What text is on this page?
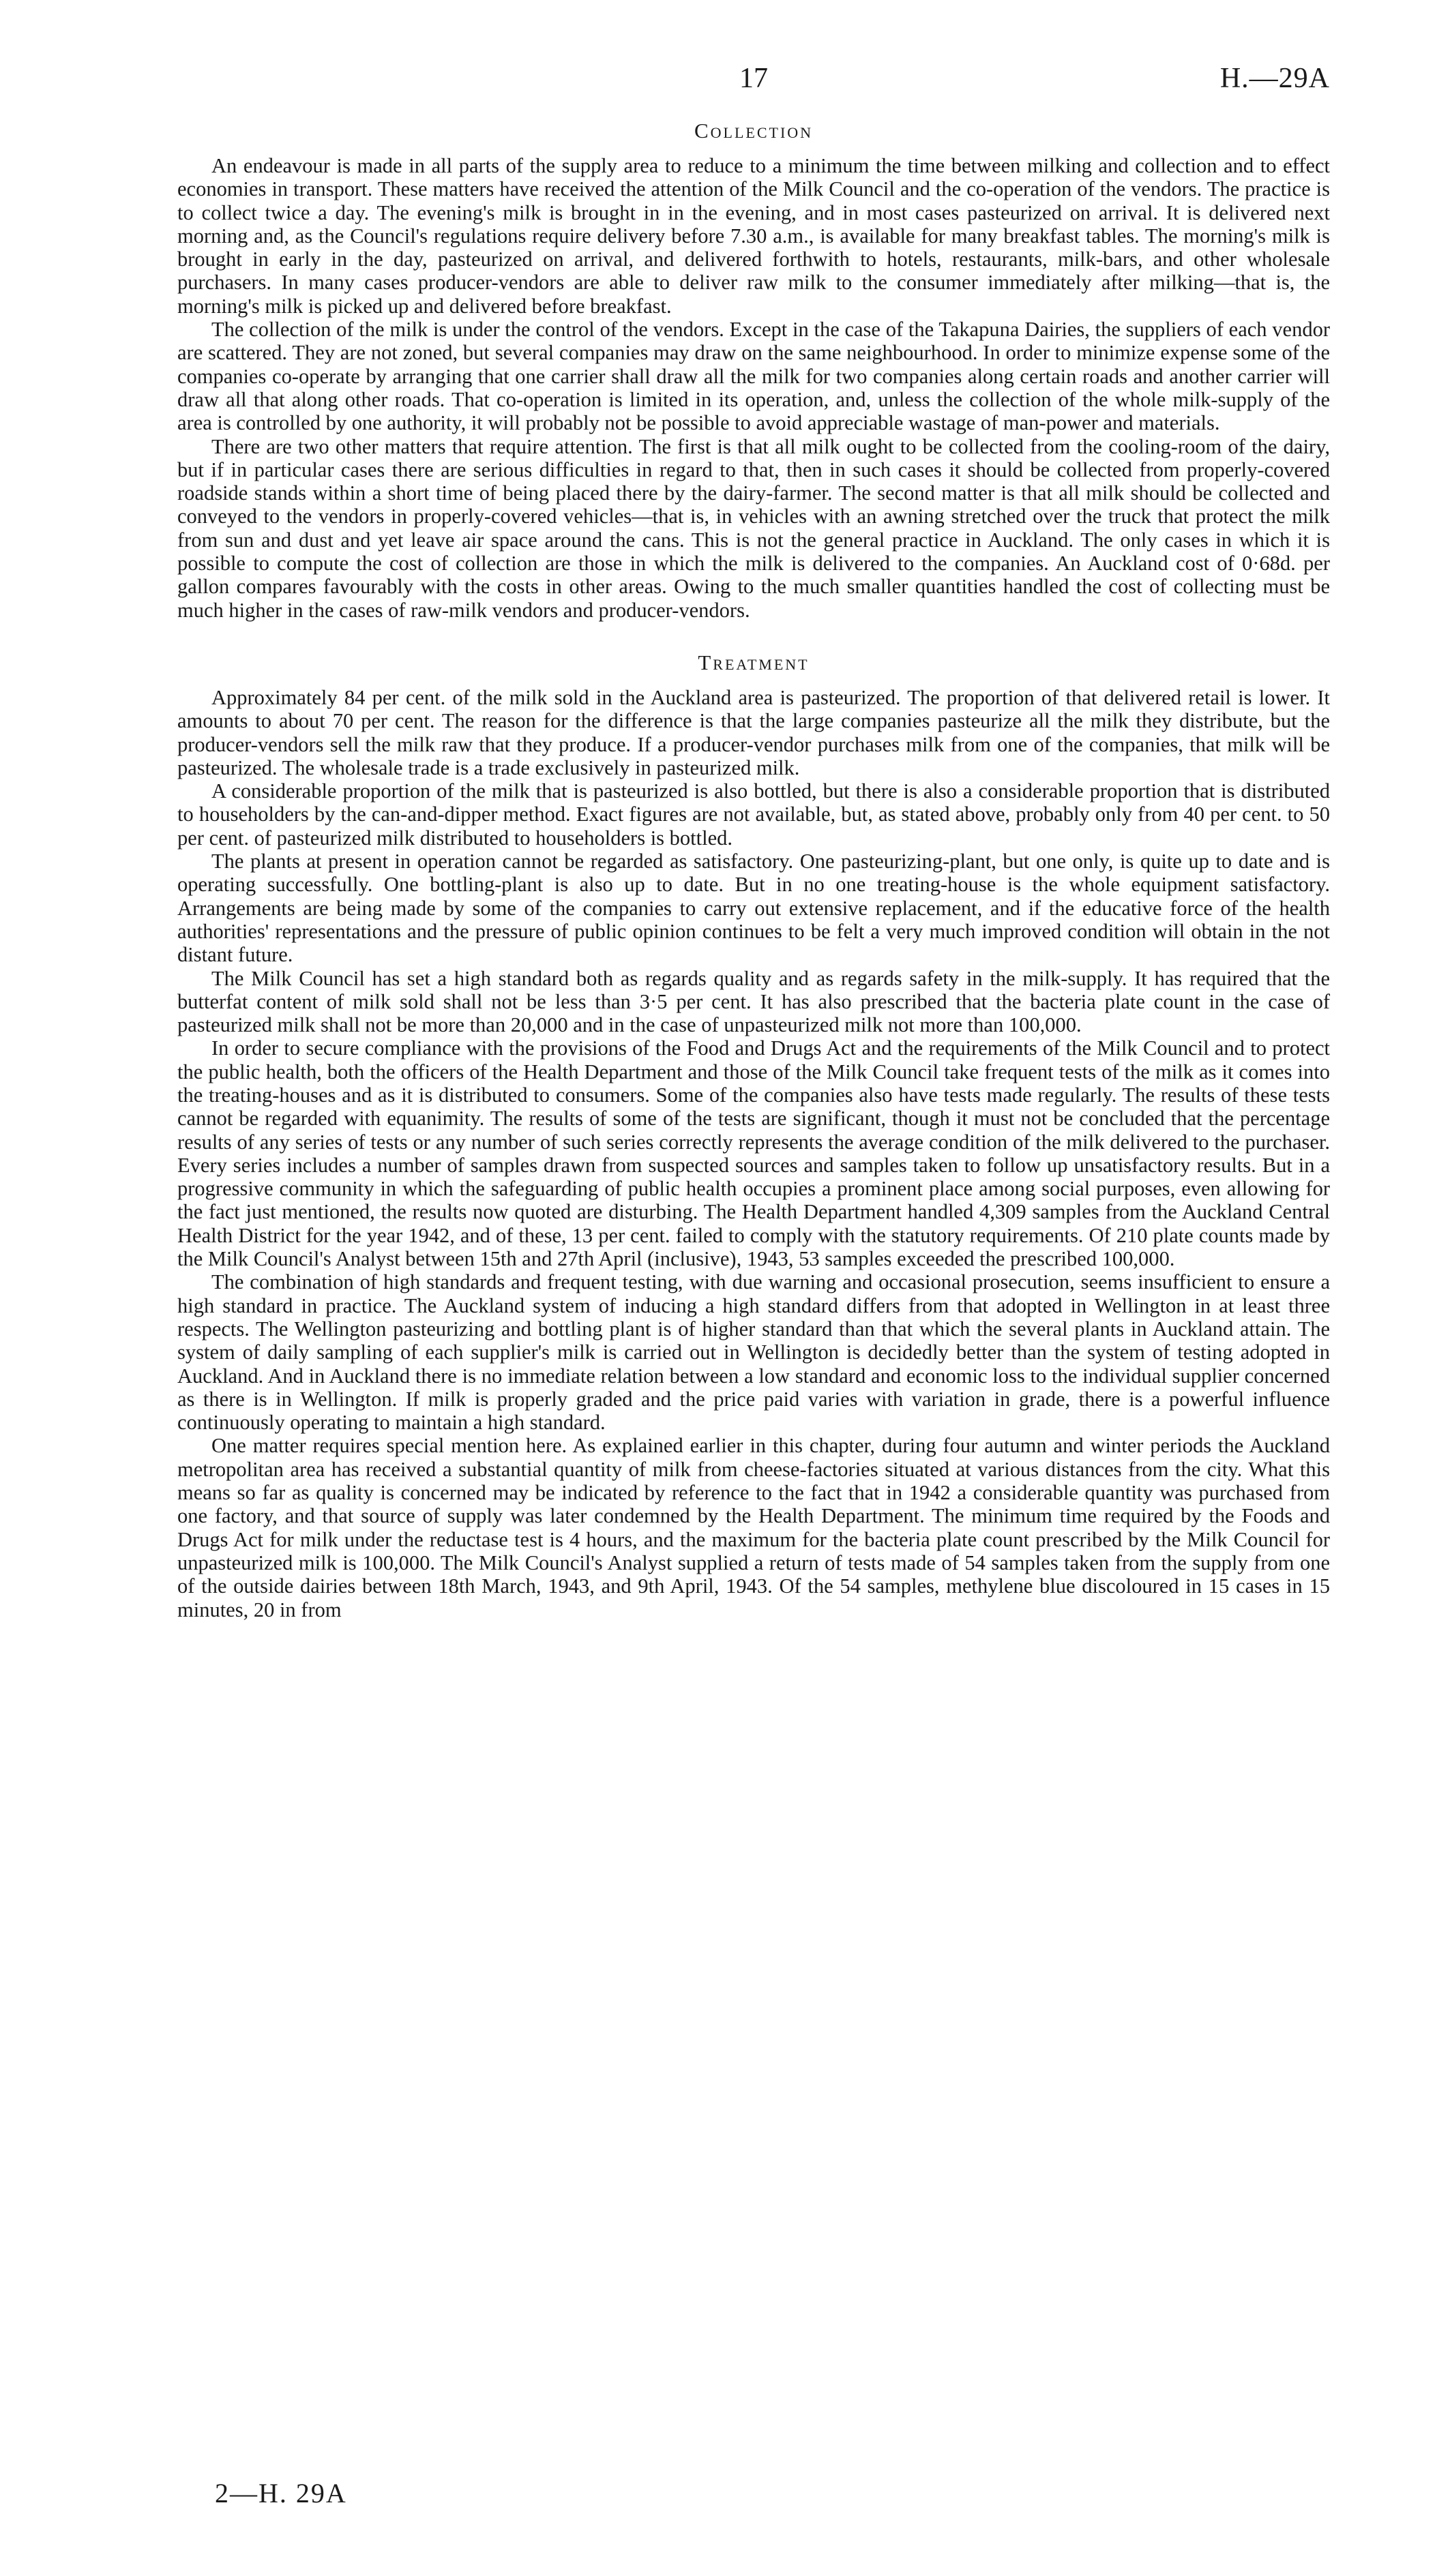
17	H.—29A
Collection

An endeavour is made in all parts of the supply area to reduce to a minimum the time between milking and collection and to effect economies in transport. These matters have received the attention of the Milk Council and the co-operation of the vendors. The practice is to collect twice a day. The evening's milk is brought in in the evening, and in most cases pasteurized on arrival. It is delivered next morning and, as the Council's regulations require delivery before 7.30 a.m., is available for many breakfast tables. The morning's milk is brought in early in the day, pasteurized on arrival, and delivered forthwith to hotels, restaurants, milk-bars, and other wholesale purchasers. In many cases producer-vendors are able to deliver raw milk to the consumer immediately after milking—that is, the morning's milk is picked up and delivered before breakfast.

The collection of the milk is under the control of the vendors. Except in the case of the Takapuna Dairies, the suppliers of each vendor are scattered. They are not zoned, but several companies may draw on the same neighbourhood. In order to minimize expense some of the companies co-operate by arranging that one carrier shall draw all the milk for two companies along certain roads and another carrier will draw all that along other roads. That co-operation is limited in its operation, and, unless the collection of the whole milk-supply of the area is controlled by one authority, it will probably not be possible to avoid appreciable wastage of man-power and materials.

There are two other matters that require attention. The first is that all milk ought to be collected from the cooling-room of the dairy, but if in particular cases there are serious difficulties in regard to that, then in such cases it should be collected from properly-covered roadside stands within a short time of being placed there by the dairy-farmer. The second matter is that all milk should be collected and conveyed to the vendors in properly-covered vehicles—that is, in vehicles with an awning stretched over the truck that protect the milk from sun and dust and yet leave air space around the cans. This is not the general practice in Auckland. The only cases in which it is possible to compute the cost of collection are those in which the milk is delivered to the companies. An Auckland cost of 0·68d. per gallon compares favourably with the costs in other areas. Owing to the much smaller quantities handled the cost of collecting must be much higher in the cases of raw-milk vendors and producer-vendors.

Treatment

Approximately 84 per cent. of the milk sold in the Auckland area is pasteurized. The proportion of that delivered retail is lower. It amounts to about 70 per cent. The reason for the difference is that the large companies pasteurize all the milk they distribute, but the producer-vendors sell the milk raw that they produce. If a producer-vendor purchases milk from one of the companies, that milk will be pasteurized. The wholesale trade is a trade exclusively in pasteurized milk.

A considerable proportion of the milk that is pasteurized is also bottled, but there is also a considerable proportion that is distributed to householders by the can-and-dipper method. Exact figures are not available, but, as stated above, probably only from 40 per cent. to 50 per cent. of pasteurized milk distributed to householders is bottled.

The plants at present in operation cannot be regarded as satisfactory. One pasteurizing-plant, but one only, is quite up to date and is operating successfully. One bottling-plant is also up to date. But in no one treating-house is the whole equipment satisfactory. Arrangements are being made by some of the companies to carry out extensive replacement, and if the educative force of the health authorities' representations and the pressure of public opinion continues to be felt a very much improved condition will obtain in the not distant future.

The Milk Council has set a high standard both as regards quality and as regards safety in the milk-supply. It has required that the butterfat content of milk sold shall not be less than 3·5 per cent. It has also prescribed that the bacteria plate count in the case of pasteurized milk shall not be more than 20,000 and in the case of unpasteurized milk not more than 100,000.

In order to secure compliance with the provisions of the Food and Drugs Act and the requirements of the Milk Council and to protect the public health, both the officers of the Health Department and those of the Milk Council take frequent tests of the milk as it comes into the treating-houses and as it is distributed to consumers. Some of the companies also have tests made regularly. The results of these tests cannot be regarded with equanimity. The results of some of the tests are significant, though it must not be concluded that the percentage results of any series of tests or any number of such series correctly represents the average condition of the milk delivered to the purchaser. Every series includes a number of samples drawn from suspected sources and samples taken to follow up unsatisfactory results. But in a progressive community in which the safeguarding of public health occupies a prominent place among social purposes, even allowing for the fact just mentioned, the results now quoted are disturbing. The Health Department handled 4,309 samples from the Auckland Central Health District for the year 1942, and of these, 13 per cent. failed to comply with the statutory requirements. Of 210 plate counts made by the Milk Council's Analyst between 15th and 27th April (inclusive), 1943, 53 samples exceeded the prescribed 100,000.

The combination of high standards and frequent testing, with due warning and occasional prosecution, seems insufficient to ensure a high standard in practice. The Auckland system of inducing a high standard differs from that adopted in Wellington in at least three respects. The Wellington pasteurizing and bottling plant is of higher standard than that which the several plants in Auckland attain. The system of daily sampling of each supplier's milk is carried out in Wellington is decidedly better than the system of testing adopted in Auckland. And in Auckland there is no immediate relation between a low standard and economic loss to the individual supplier concerned as there is in Wellington. If milk is properly graded and the price paid varies with variation in grade, there is a powerful influence continuously operating to maintain a high standard.

One matter requires special mention here. As explained earlier in this chapter, during four autumn and winter periods the Auckland metropolitan area has received a substantial quantity of milk from cheese-factories situated at various distances from the city. What this means so far as quality is concerned may be indicated by reference to the fact that in 1942 a considerable quantity was purchased from one factory, and that source of supply was later condemned by the Health Department. The minimum time required by the Foods and Drugs Act for milk under the reductase test is 4 hours, and the maximum for the bacteria plate count prescribed by the Milk Council for unpasteurized milk is 100,000. The Milk Council's Analyst supplied a return of tests made of 54 samples taken from the supply from one of the outside dairies between 18th March, 1943, and 9th April, 1943. Of the 54 samples, methylene blue discoloured in 15 cases in 15 minutes, 20 in from

2—H. 29A
